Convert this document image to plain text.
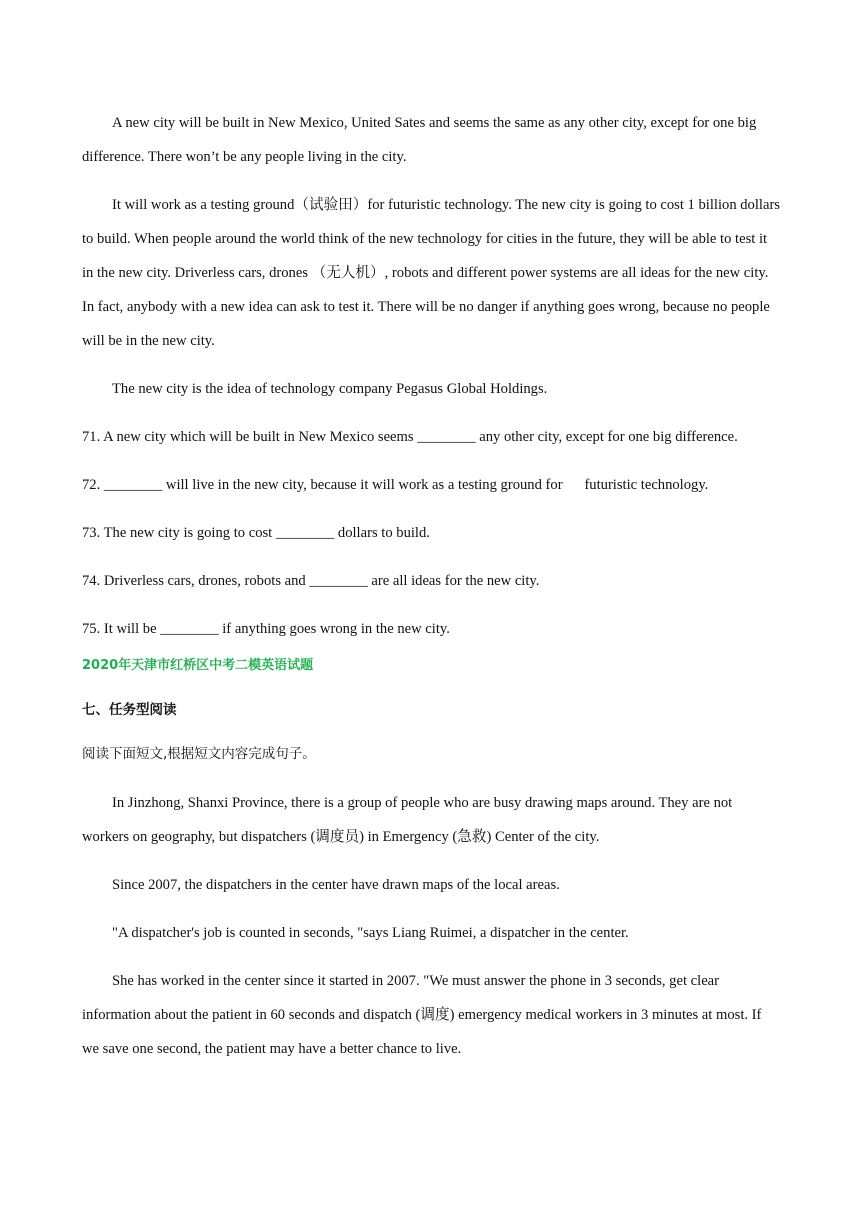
A new city will be built in New Mexico, United Sates and seems the same as any other city, except for one big difference. There won’t be any people living in the city.

It will work as a testing ground（试验田）for futuristic technology. The new city is going to cost 1 billion dollars to build. When people around the world think of the new technology for cities in the future, they will be able to test it in the new city. Driverless cars, drones （无人机）, robots and different power systems are all ideas for the new city. In fact, anybody with a new idea can ask to test it. There will be no danger if anything goes wrong, because no people will be in the new city.

The new city is the idea of technology company Pegasus Global Holdings.

71. A new city which will be built in New Mexico seems ________ any other city, except for one big difference.

72. ________ will live in the new city, because it will work as a testing ground for      futuristic technology.

73. The new city is going to cost ________ dollars to build.

74. Driverless cars, drones, robots and ________ are all ideas for the new city.

75. It will be ________ if anything goes wrong in the new city.

2020年天津市红桥区中考二模英语试题
七、任务型阅读
阅读下面短文,根据短文内容完成句子。

In Jinzhong, Shanxi Province, there is a group of people who are busy drawing maps around. They are not workers on geography, but dispatchers (调度员) in Emergency (急救) Center of the city.

Since 2007, the dispatchers in the center have drawn maps of the local areas.

"A dispatcher's job is counted in seconds, "says Liang Ruimei, a dispatcher in the center.

She has worked in the center since it started in 2007. "We must answer the phone in 3 seconds, get clear information about the patient in 60 seconds and dispatch (调度) emergency medical workers in 3 minutes at most. If we save one second, the patient may have a better chance to live.
